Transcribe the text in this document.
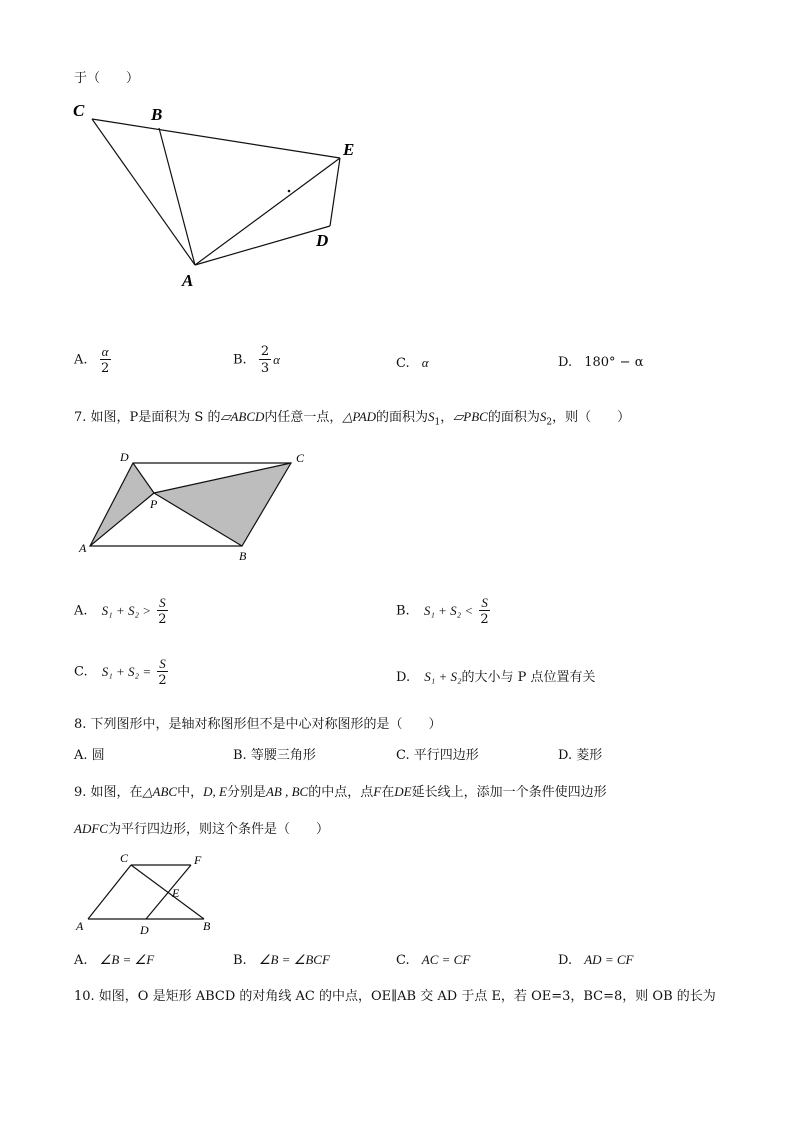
于（　　）
C	B
E
D
A
A. $\frac{\alpha}{2}$	B. $\frac{2}{3}$ α	C. α	D. 180° − α
7. 如图，P是面积为 S 的▱ABCD内任意一点，△PAD的面积为$S_1$，▱PBC的面积为$S_2$，则（　　）
D	C
P
A
B
A. $S_1 + S_2 > \frac{S}{2}$	B. $S_1 + S_2 < \frac{S}{2}$
C. $S_1 + S_2 = \frac{S}{2}$	D. S₁ + S₂的大小与 P 点位置有关
8. 下列图形中，是轴对称图形但不是中心对称图形的是（　　）
A. 圆	B. 等腰三角形	C. 平行四边形	D. 菱形
9. 如图，在△ABC中，D, E分别是AB , BC的中点，点F在DE延长线上，添加一个条件使四边形
ADFC为平行四边形，则这个条件是（　　）
C	F
E
A	D	B
A. ∠B = ∠F	B. ∠B = ∠BCF	C. AC = CF	D. AD = CF
10. 如图，O 是矩形 ABCD 的对角线 AC 的中点，OE∥AB 交 AD 于点 E，若 OE=3，BC=8，则 OB 的长为
